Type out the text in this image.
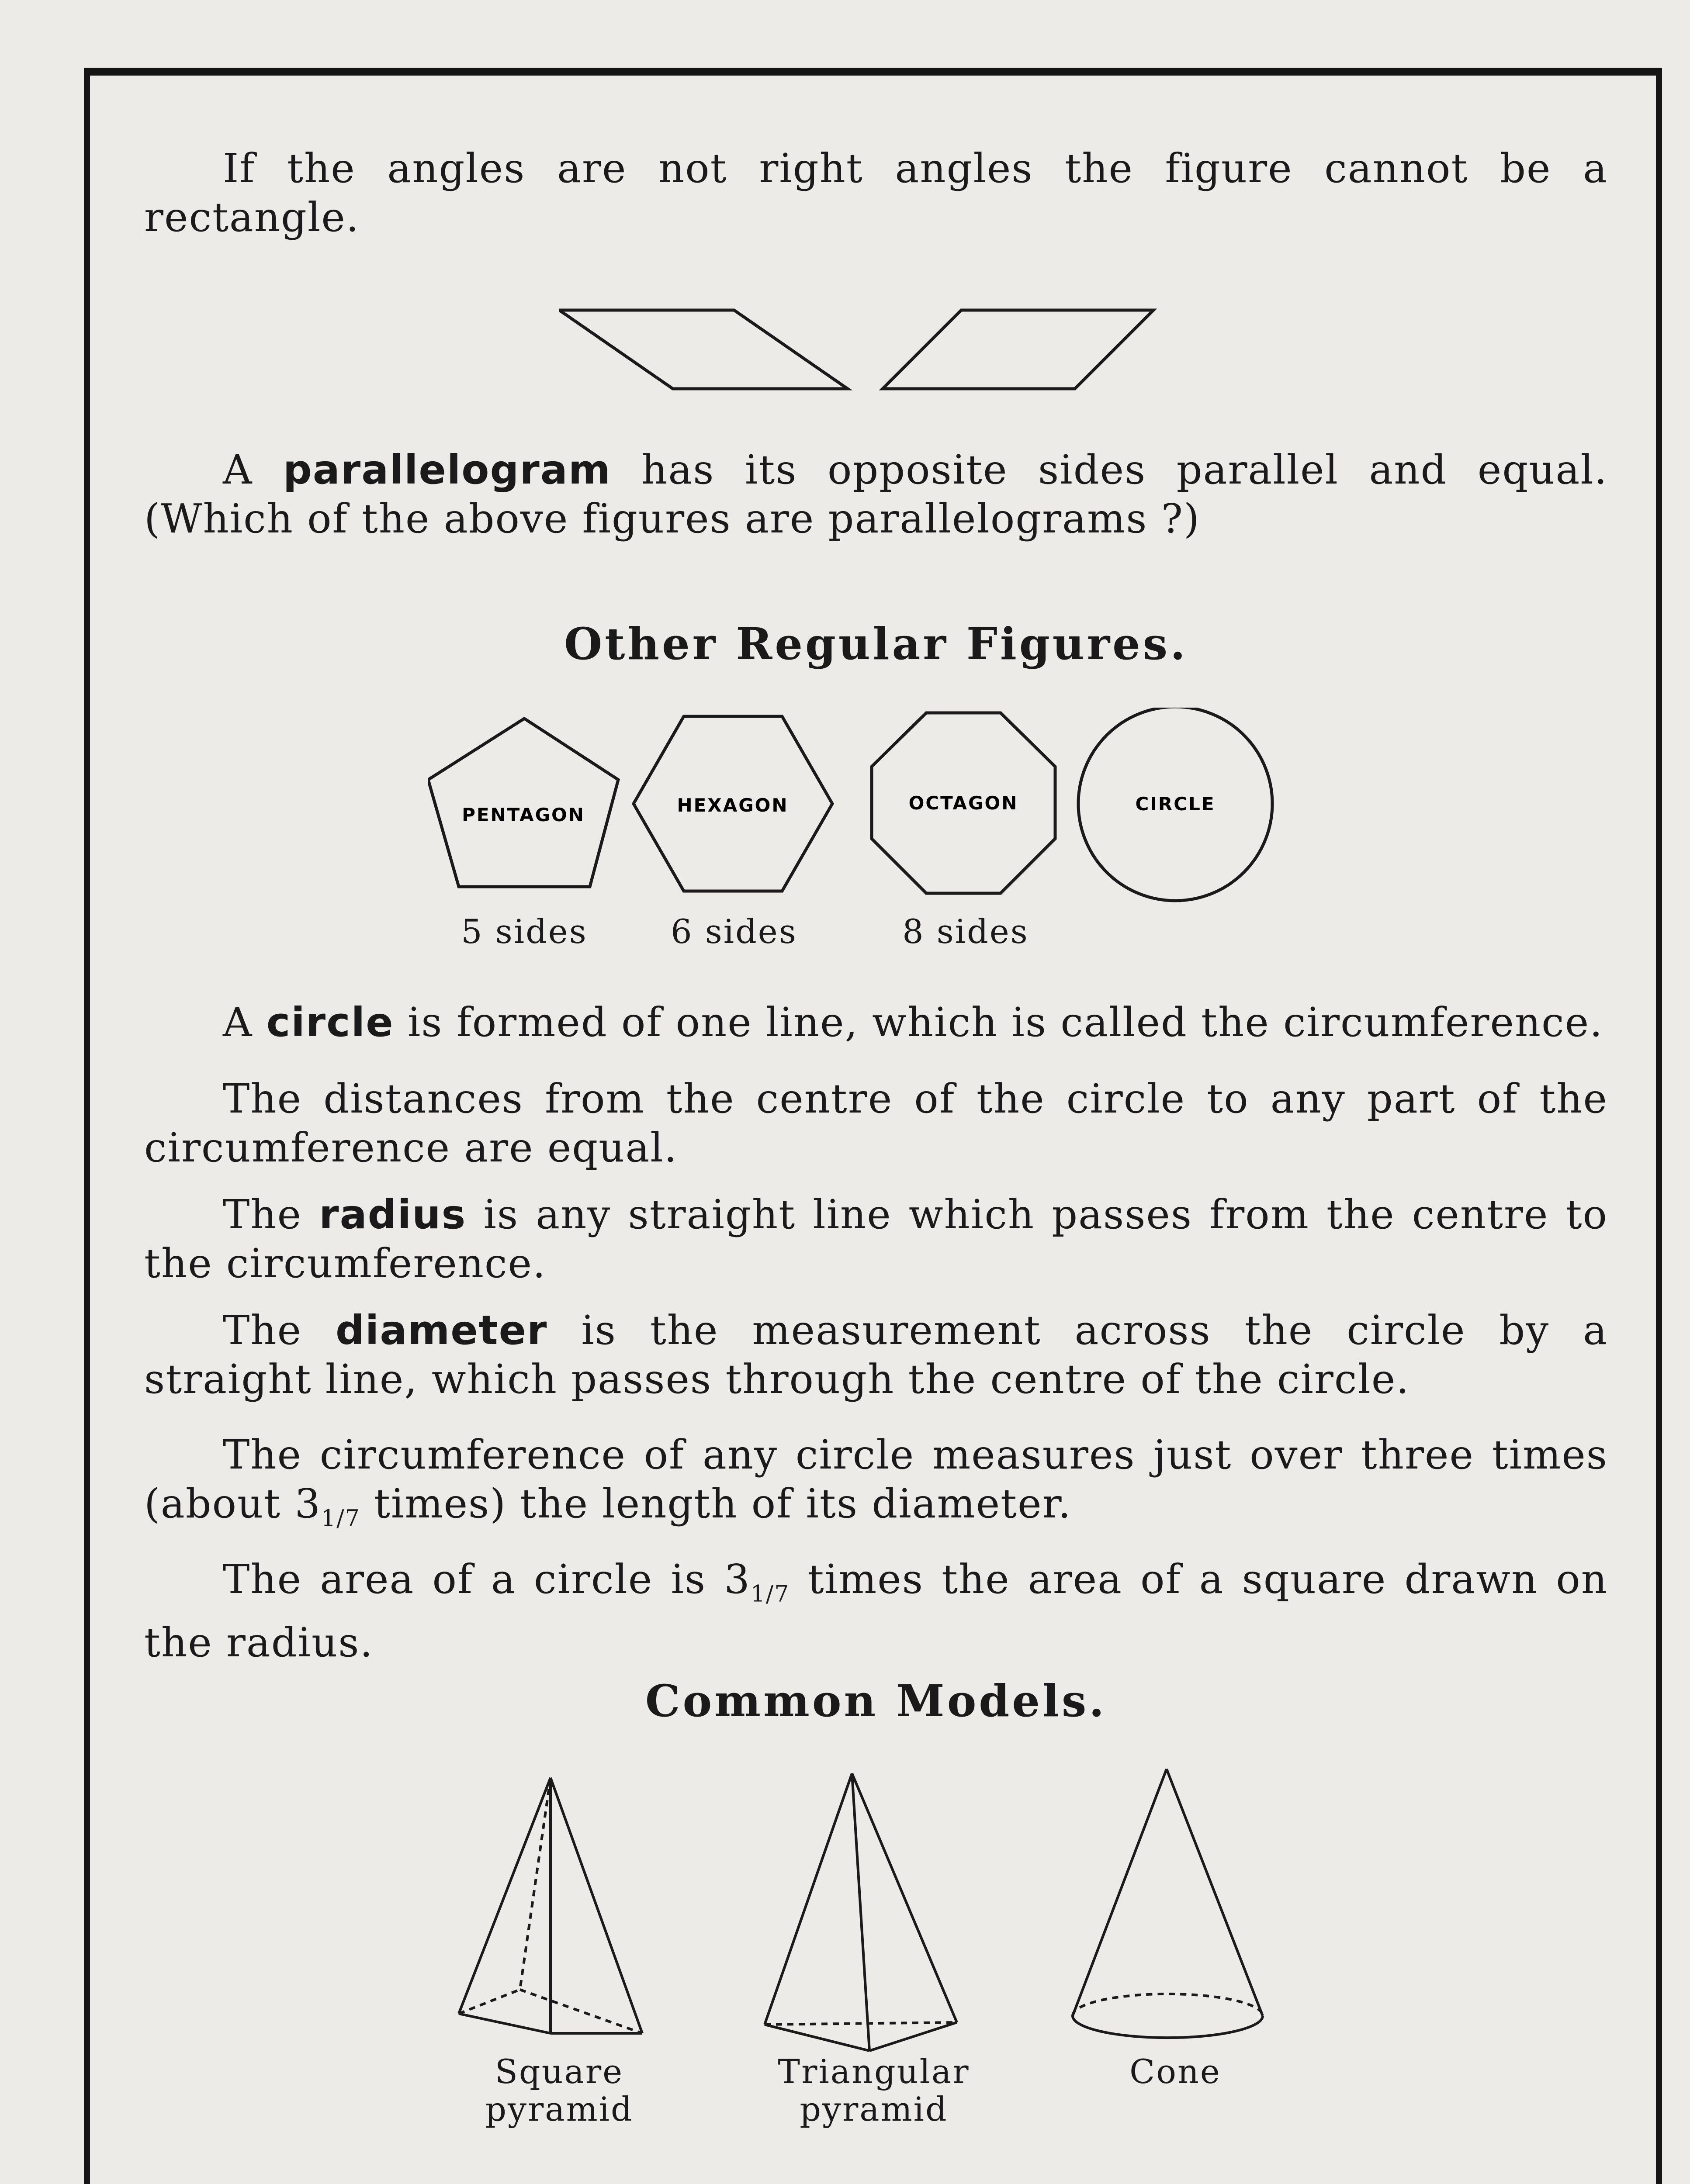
If the angles are not right angles the figure cannot be a rectangle.

A parallelogram has its opposite sides parallel and equal. (Which of the above figures are parallelograms ?)

Other Regular Figures.
PENTAGON	HEXAGON	OCTAGON	CIRCLE
5 sides	6 sides	8 sides

A circle is formed of one line, which is called the circumference.

The distances from the centre of the circle to any part of the circumference are equal.

The radius is any straight line which passes from the centre to the circumference.

The diameter is the measurement across the circle by a straight line, which passes through the centre of the circle.

The circumference of any circle measures just over three times (about $3_{1/7}$ times) the length of its diameter.

The area of a circle is $3_{1/7}$ times the area of a square drawn on the radius.

Common Models.
Square
pyramid
Triangular
pyramid
Cone
